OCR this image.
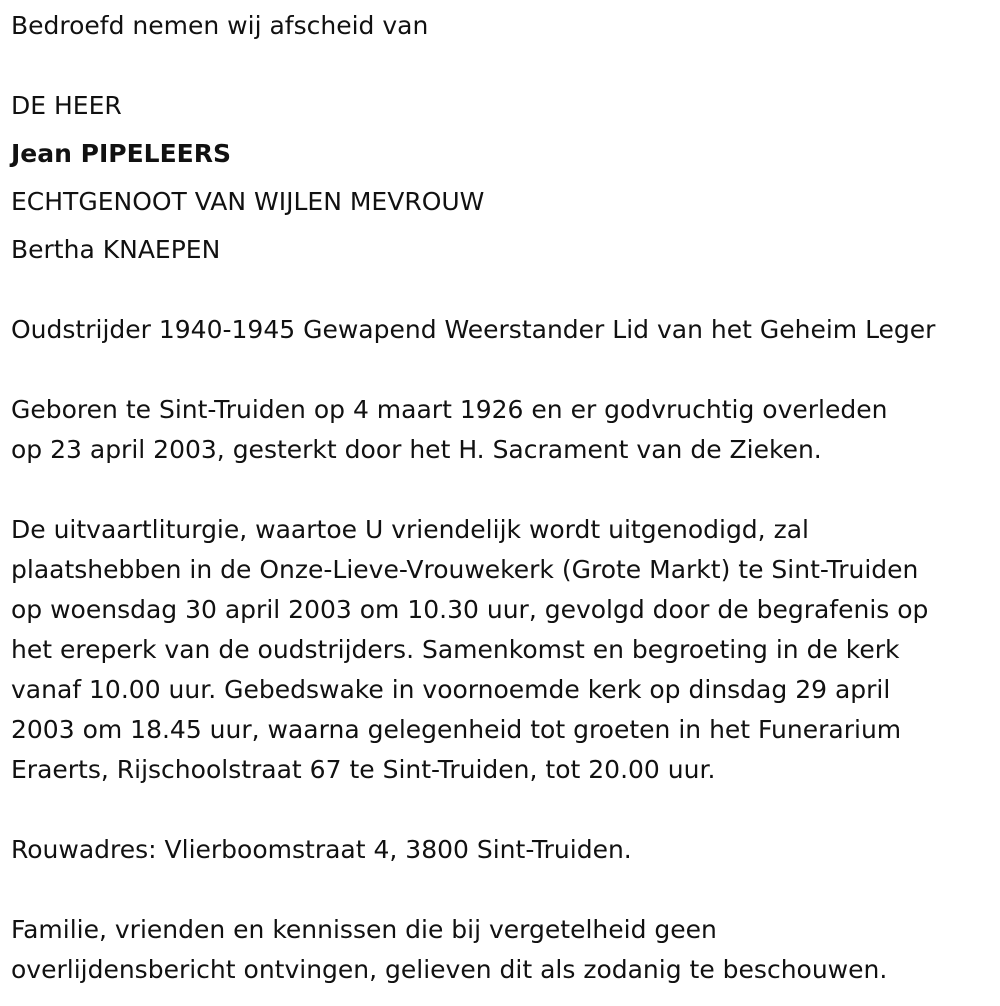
Bedroefd nemen wij afscheid van
DE HEER
Jean PIPELEERS
ECHTGENOOT VAN WIJLEN MEVROUW
Bertha KNAEPEN
Oudstrijder 1940-1945 Gewapend Weerstander Lid van het Geheim Leger
Geboren te Sint-Truiden op 4 maart 1926 en er godvruchtig overleden
op 23 april 2003, gesterkt door het H. Sacrament van de Zieken.
De uitvaartliturgie, waartoe U vriendelijk wordt uitgenodigd, zal
plaatshebben in de Onze-Lieve-Vrouwekerk (Grote Markt) te Sint-Truiden
op woensdag 30 april 2003 om 10.30 uur, gevolgd door de begrafenis op
het ereperk van de oudstrijders. Samenkomst en begroeting in de kerk
vanaf 10.00 uur. Gebedswake in voornoemde kerk op dinsdag 29 april
2003 om 18.45 uur, waarna gelegenheid tot groeten in het Funerarium
Eraerts, Rijschoolstraat 67 te Sint-Truiden, tot 20.00 uur.
Rouwadres: Vlierboomstraat 4, 3800 Sint-Truiden.
Familie, vrienden en kennissen die bij vergetelheid geen
overlijdensbericht ontvingen, gelieven dit als zodanig te beschouwen.
